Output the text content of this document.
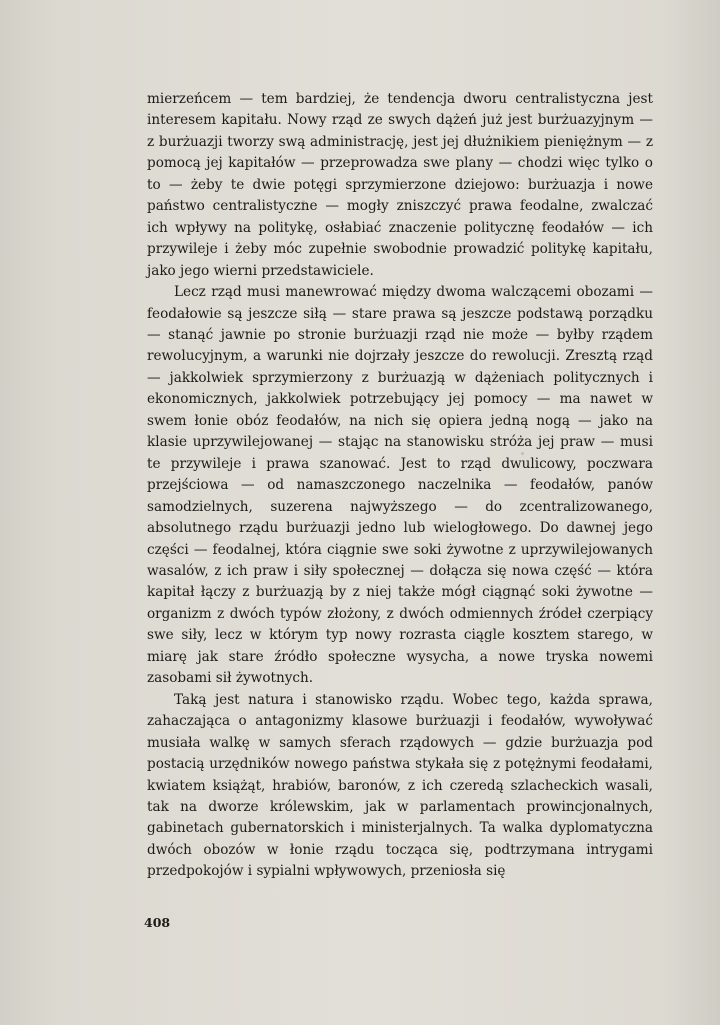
mierzeńcem — tem bardziej, że tendencja dworu centralistyczna jest interesem kapitału. Nowy rząd ze swych dążeń już jest burżuazyjnym — z burżuazji tworzy swą administrację, jest jej dłużnikiem pieniężnym — z pomocą jej kapitałów — przeprowadza swe plany — chodzi więc tylko o to — żeby te dwie potęgi sprzymierzone dziejowo: burżuazja i nowe państwo centralistyczne — mogły zniszczyć prawa feodalne, zwalczać ich wpływy na politykę, osłabiać znaczenie politycznę feodałów — ich przywileje i żeby móc zupełnie swobodnie prowadzić politykę kapitału, jako jego wierni przedstawiciele.

Lecz rząd musi manewrować między dwoma walczącemi obozami — feodałowie są jeszcze siłą — stare prawa są jeszcze podstawą porządku — stanąć jawnie po stronie burżuazji rząd nie może — byłby rządem rewolucyjnym, a warunki nie dojrzały jeszcze do rewolucji. Zresztą rząd — jakkolwiek sprzymierzony z burżuazją w dążeniach politycznych i ekonomicznych, jakkolwiek potrzebujący jej pomocy — ma nawet w swem łonie obóz feodałów, na nich się opiera jedną nogą — jako na klasie uprzywilejowanej — stając na stanowisku stróża jej praw — musi te przywileje i prawa szanować. Jest to rząd dwulicowy, poczwara przejściowa — od namaszczonego naczelnika — feodałów, panów samodzielnych, suzerena najwyższego — do zcentralizowanego, absolutnego rządu burżuazji jedno lub wielogłowego. Do dawnej jego części — feodalnej, która ciągnie swe soki żywotne z uprzywilejowanych wasalów, z ich praw i siły społecznej — dołącza się nowa część — która kapitał łączy z burżuazją by z niej także mógł ciągnąć soki żywotne — organizm z dwóch typów złożony, z dwóch odmiennych źródeł czerpiący swe siły, lecz w którym typ nowy rozrasta ciągle kosztem starego, w miarę jak stare źródło społeczne wysycha, a nowe tryska nowemi zasobami sił żywotnych.

Taką jest natura i stanowisko rządu. Wobec tego, każda sprawa, zahaczająca o antagonizmy klasowe burżuazji i feodałów, wywoływać musiała walkę w samych sferach rządowych — gdzie burżuazja pod postacią urzędników nowego państwa stykała się z potężnymi feodałami, kwiatem książąt, hrabiów, baronów, z ich czeredą szlacheckich wasali, tak na dworze królewskim, jak w parlamentach prowincjonalnych, gabinetach gubernatorskich i ministerjalnych. Ta walka dyplomatyczna dwóch obozów w łonie rządu tocząca się, podtrzymana intrygami przedpokojów i sypialni wpływowych, przeniosła się

408
